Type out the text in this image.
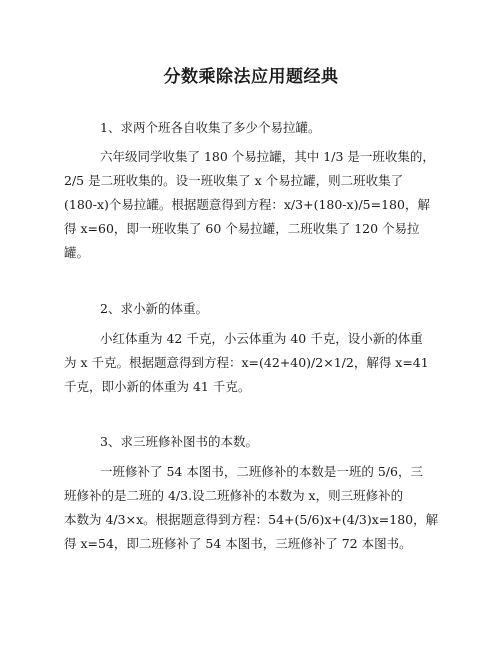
分数乘除法应用题经典

1、求两个班各自收集了多少个易拉罐。

六年级同学收集了 180 个易拉罐，其中 1/3 是一班收集的，

2/5 是二班收集的。设一班收集了 x 个易拉罐，则二班收集了

(180-x)个易拉罐。根据题意得到方程：x/3+(180-x)/5=180，解

得 x=60，即一班收集了 60 个易拉罐，二班收集了 120 个易拉

罐。

2、求小新的体重。

小红体重为 42 千克，小云体重为 40 千克，设小新的体重

为 x 千克。根据题意得到方程：x=(42+40)/2×1/2，解得 x=41

千克，即小新的体重为 41 千克。

3、求三班修补图书的本数。

一班修补了 54 本图书，二班修补的本数是一班的 5/6，三

班修补的是二班的 4/3.设二班修补的本数为 x，则三班修补的

本数为 4/3×x。根据题意得到方程：54+(5/6)x+(4/3)x=180，解

得 x=54，即二班修补了 54 本图书，三班修补了 72 本图书。
